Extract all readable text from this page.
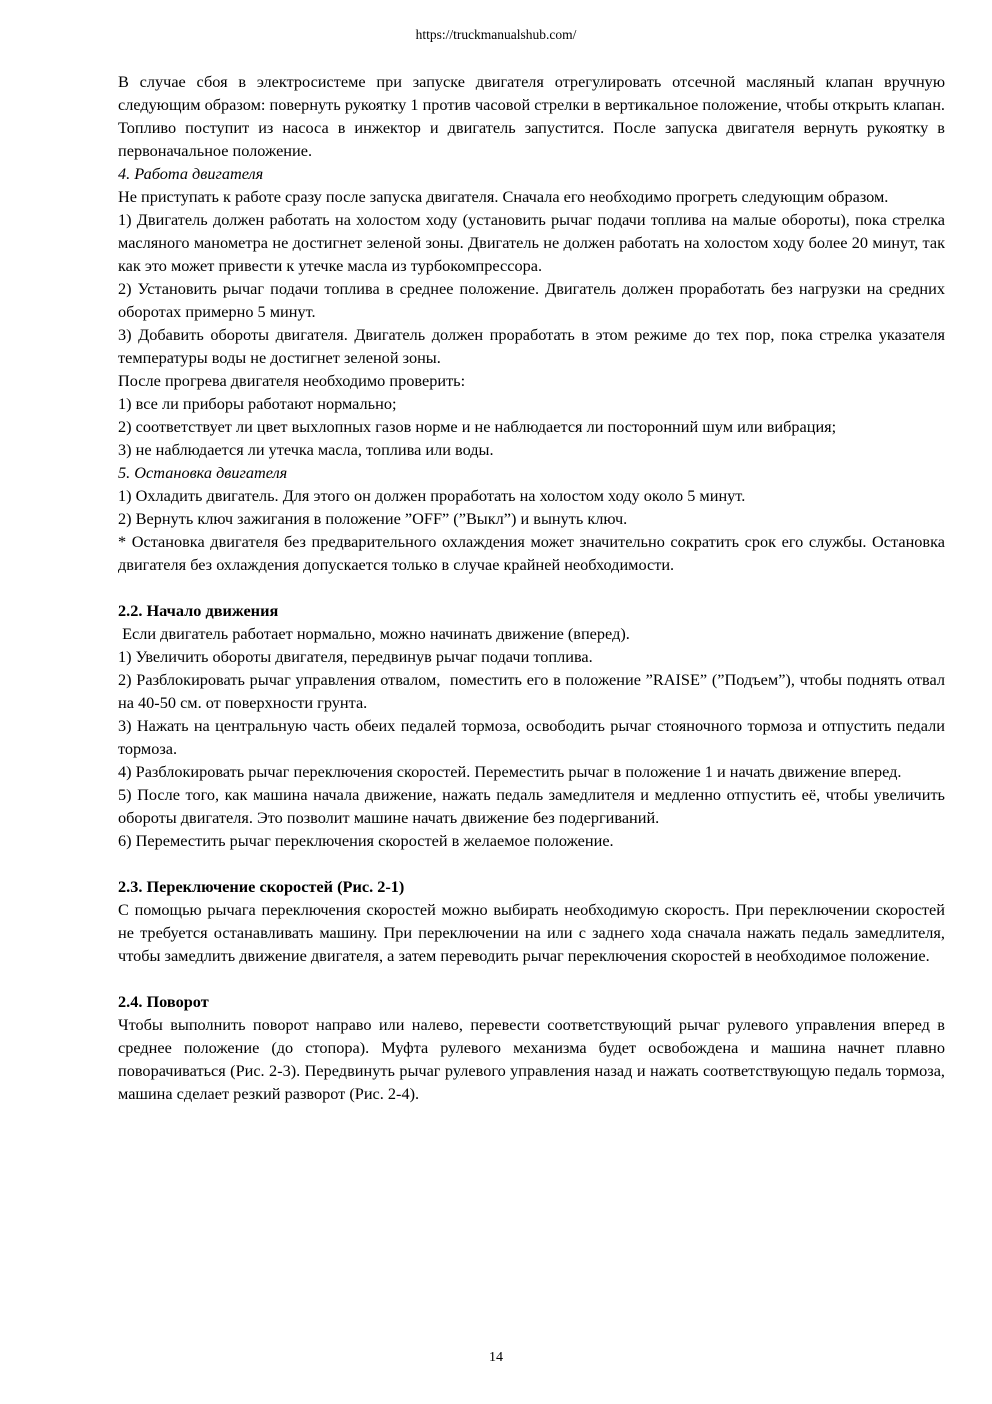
https://truckmanualshub.com/

В случае сбоя в электросистеме при запуске двигателя отрегулировать отсечной масляный клапан вручную следующим образом: повернуть рукоятку 1 против часовой стрелки в вертикальное положение, чтобы открыть клапан. Топливо поступит из насоса в инжектор и двигатель запустится. После запуска двигателя вернуть рукоятку в первоначальное положение.

4. Работа двигателя

Не приступать к работе сразу после запуска двигателя. Сначала его необходимо прогреть следующим образом.

1) Двигатель должен работать на холостом ходу (установить рычаг подачи топлива на малые обороты), пока стрелка масляного манометра не достигнет зеленой зоны. Двигатель не должен работать на холостом ходу более 20 минут, так как это может привести к утечке масла из турбокомпрессора.

2) Установить рычаг подачи топлива в среднее положение. Двигатель должен проработать без нагрузки на средних оборотах примерно 5 минут.

3) Добавить обороты двигателя. Двигатель должен проработать в этом режиме до тех пор, пока стрелка указателя температуры воды не достигнет зеленой зоны.

После прогрева двигателя необходимо проверить:

1) все ли приборы работают нормально;

2) соответствует ли цвет выхлопных газов норме и не наблюдается ли посторонний шум или вибрация;

3) не наблюдается ли утечка масла, топлива или воды.

5. Остановка двигателя

1) Охладить двигатель. Для этого он должен проработать на холостом ходу около 5 минут.

2) Вернуть ключ зажигания в положение ”OFF” (”Выкл”) и вынуть ключ.

* Остановка двигателя без предварительного охлаждения может значительно сократить срок его службы. Остановка двигателя без охлаждения допускается только в случае крайней необходимости.

2.2. Начало движения

Если двигатель работает нормально, можно начинать движение (вперед).

1) Увеличить обороты двигателя, передвинув рычаг подачи топлива.

2) Разблокировать рычаг управления отвалом,  поместить его в положение ”RAISE” (”Подъем”), чтобы поднять отвал на 40-50 см. от поверхности грунта.

3) Нажать на центральную часть обеих педалей тормоза, освободить рычаг стояночного тормоза и отпустить педали тормоза.

4) Разблокировать рычаг переключения скоростей. Переместить рычаг в положение 1 и начать движение вперед.

5) После того, как машина начала движение, нажать педаль замедлителя и медленно отпустить её, чтобы увеличить обороты двигателя. Это позволит машине начать движение без подергиваний.

6) Переместить рычаг переключения скоростей в желаемое положение.

2.3. Переключение скоростей (Рис. 2-1)

С помощью рычага переключения скоростей можно выбирать необходимую скорость. При переключении скоростей не требуется останавливать машину. При переключении на или с заднего хода сначала нажать педаль замедлителя, чтобы замедлить движение двигателя, а затем переводить рычаг переключения скоростей в необходимое положение.

2.4. Поворот

Чтобы выполнить поворот направо или налево, перевести соответствующий рычаг рулевого управления вперед в среднее положение (до стопора). Муфта рулевого механизма будет освобождена и машина начнет плавно поворачиваться (Рис. 2-3). Передвинуть рычаг рулевого управления назад и нажать соответствующую педаль тормоза, машина сделает резкий разворот (Рис. 2-4).

14
